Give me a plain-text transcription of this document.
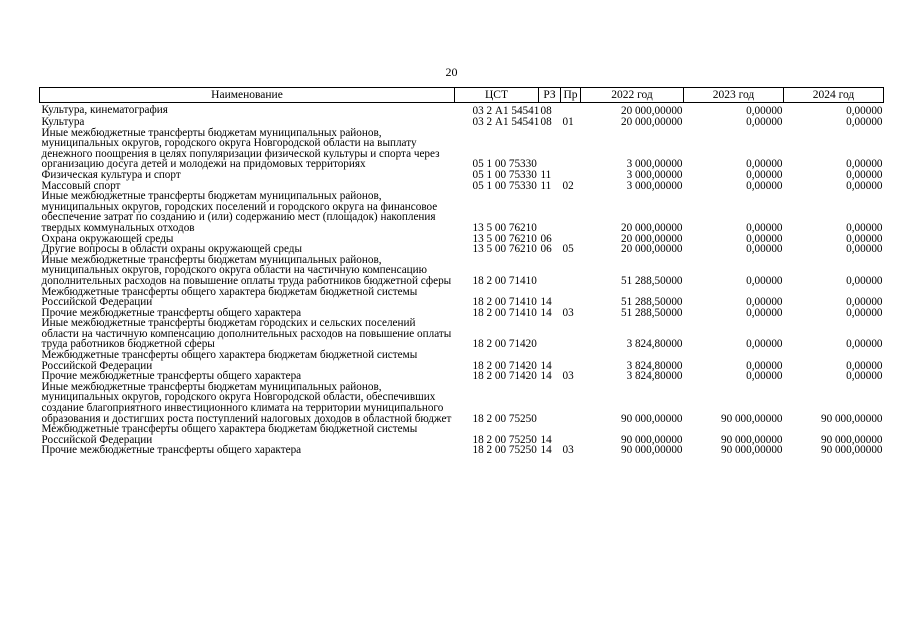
20
Наименование	ЦСТ	РЗ	Пр	2022 год	2023 год	2024 год
Культура, кинематография	03 2 А1 54541	08		20 000,00000	0,00000	0,00000
Культура	03 2 А1 54541	08	01	20 000,00000	0,00000	0,00000
Иные межбюджетные трансферты бюджетам муниципальных районов, муниципальных округов, городского округа Новгородской области на выплату денежного поощрения в целях популяризации физической культуры и спорта через организацию досуга детей и молодежи на придомовых территориях	05 1 00 75330			3 000,00000	0,00000	0,00000
Физическая культура и спорт	05 1 00 75330	11		3 000,00000	0,00000	0,00000
Массовый спорт	05 1 00 75330	11	02	3 000,00000	0,00000	0,00000
Иные межбюджетные трансферты бюджетам муниципальных районов, муниципальных округов, городских поселений и городского округа на финансовое обеспечение затрат по созданию и (или) содержанию мест (площадок) накопления твердых коммунальных отходов	13 5 00 76210			20 000,00000	0,00000	0,00000
Охрана окружающей среды	13 5 00 76210	06		20 000,00000	0,00000	0,00000
Другие вопросы в области охраны окружающей среды	13 5 00 76210	06	05	20 000,00000	0,00000	0,00000
Иные межбюджетные трансферты бюджетам муниципальных районов, муниципальных округов, городского округа области на частичную компенсацию дополнительных расходов на повышение оплаты труда работников бюджетной сферы	18 2 00 71410			51 288,50000	0,00000	0,00000
Межбюджетные трансферты общего характера бюджетам бюджетной системы Российской Федерации	18 2 00 71410	14		51 288,50000	0,00000	0,00000
Прочие межбюджетные трансферты общего характера	18 2 00 71410	14	03	51 288,50000	0,00000	0,00000
Иные межбюджетные трансферты бюджетам городских и сельских поселений области на частичную компенсацию дополнительных расходов на повышение оплаты труда работников бюджетной сферы	18 2 00 71420			3 824,80000	0,00000	0,00000
Межбюджетные трансферты общего характера бюджетам бюджетной системы Российской Федерации	18 2 00 71420	14		3 824,80000	0,00000	0,00000
Прочие межбюджетные трансферты общего характера	18 2 00 71420	14	03	3 824,80000	0,00000	0,00000
Иные межбюджетные трансферты бюджетам муниципальных районов, муниципальных округов, городского округа Новгородской области, обеспечивших создание благоприятного инвестиционного климата на территории муниципального образования и достигших роста поступлений налоговых доходов в областной бюджет	18 2 00 75250			90 000,00000	90 000,00000	90 000,00000
Межбюджетные трансферты общего характера бюджетам бюджетной системы Российской Федерации	18 2 00 75250	14		90 000,00000	90 000,00000	90 000,00000
Прочие межбюджетные трансферты общего характера	18 2 00 75250	14	03	90 000,00000	90 000,00000	90 000,00000
